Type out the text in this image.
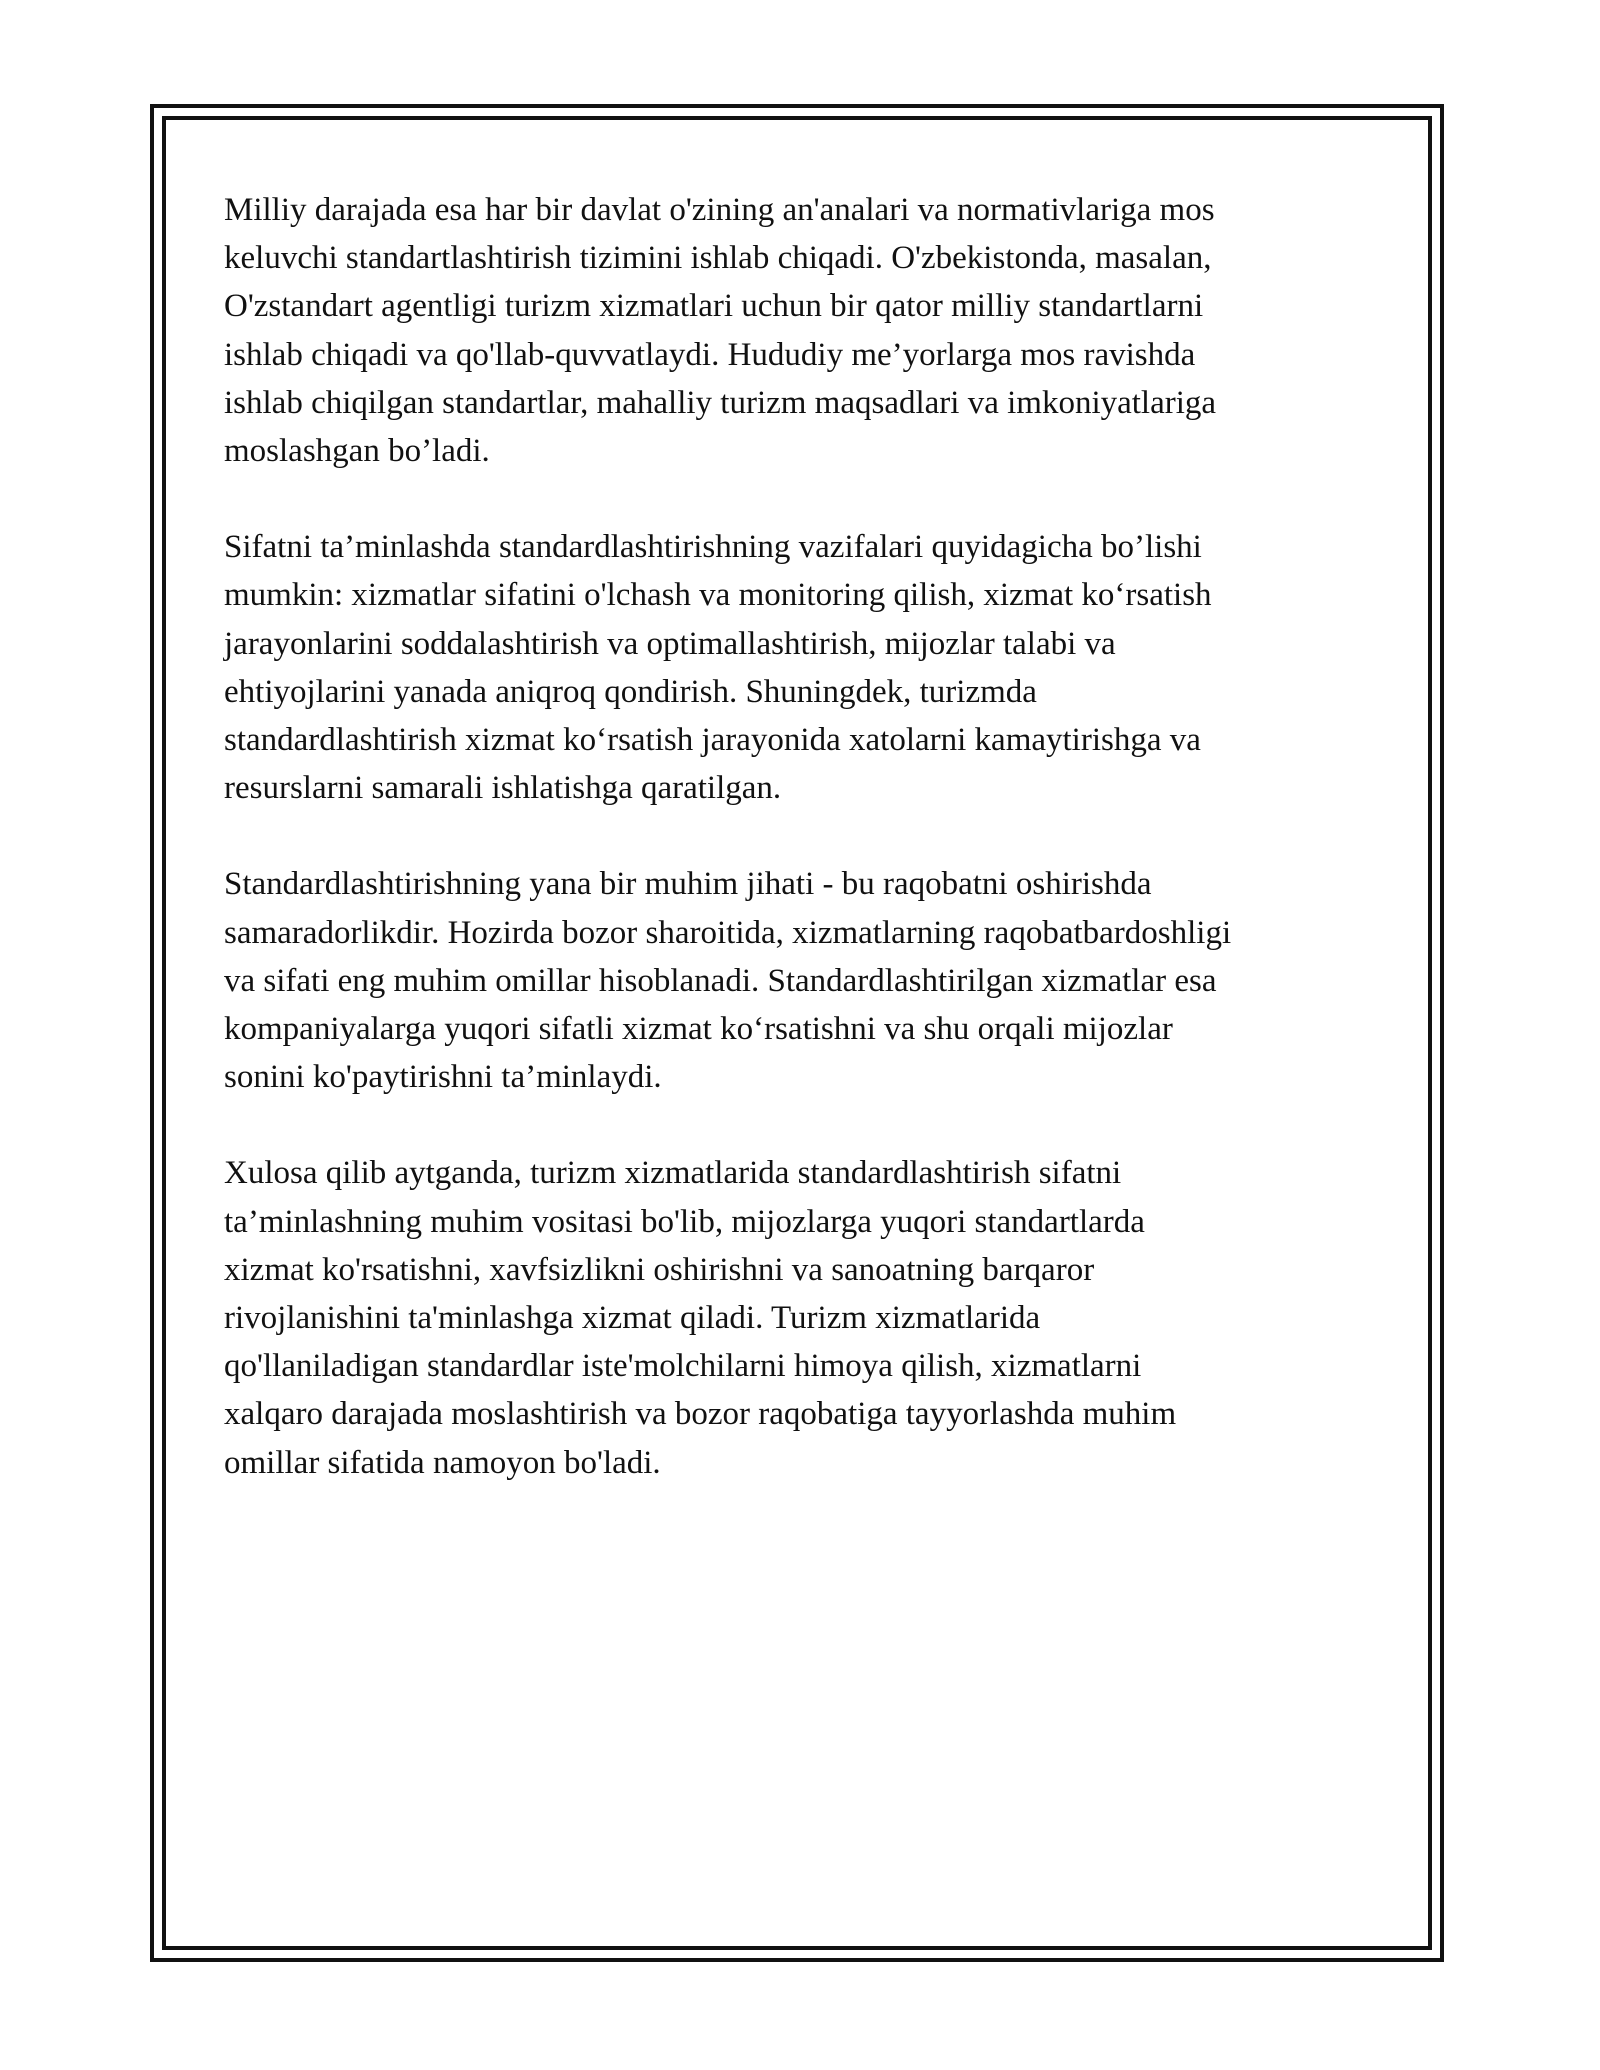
Milliy darajada esa har bir davlat o'zining an'analari va normativlariga mos
keluvchi standartlashtirish tizimini ishlab chiqadi. O'zbekistonda, masalan,
O'zstandart agentligi turizm xizmatlari uchun bir qator milliy standartlarni
ishlab chiqadi va qo'llab-quvvatlaydi. Hududiy me’yorlarga mos ravishda
ishlab chiqilgan standartlar, mahalliy turizm maqsadlari va imkoniyatlariga
moslashgan bo’ladi.

Sifatni ta’minlashda standardlashtirishning vazifalari quyidagicha bo’lishi
mumkin: xizmatlar sifatini o'lchash va monitoring qilish, xizmat ko‘rsatish
jarayonlarini soddalashtirish va optimallashtirish, mijozlar talabi va
ehtiyojlarini yanada aniqroq qondirish. Shuningdek, turizmda
standardlashtirish xizmat ko‘rsatish jarayonida xatolarni kamaytirishga va
resurslarni samarali ishlatishga qaratilgan.

Standardlashtirishning yana bir muhim jihati - bu raqobatni oshirishda
samaradorlikdir. Hozirda bozor sharoitida, xizmatlarning raqobatbardoshligi
va sifati eng muhim omillar hisoblanadi. Standardlashtirilgan xizmatlar esa
kompaniyalarga yuqori sifatli xizmat ko‘rsatishni va shu orqali mijozlar
sonini ko'paytirishni ta’minlaydi.

Xulosa qilib aytganda, turizm xizmatlarida standardlashtirish sifatni
ta’minlashning muhim vositasi bo'lib, mijozlarga yuqori standartlarda
xizmat ko'rsatishni, xavfsizlikni oshirishni va sanoatning barqaror
rivojlanishini ta'minlashga xizmat qiladi. Turizm xizmatlarida
qo'llaniladigan standardlar iste'molchilarni himoya qilish, xizmatlarni
xalqaro darajada moslashtirish va bozor raqobatiga tayyorlashda muhim
omillar sifatida namoyon bo'ladi.
